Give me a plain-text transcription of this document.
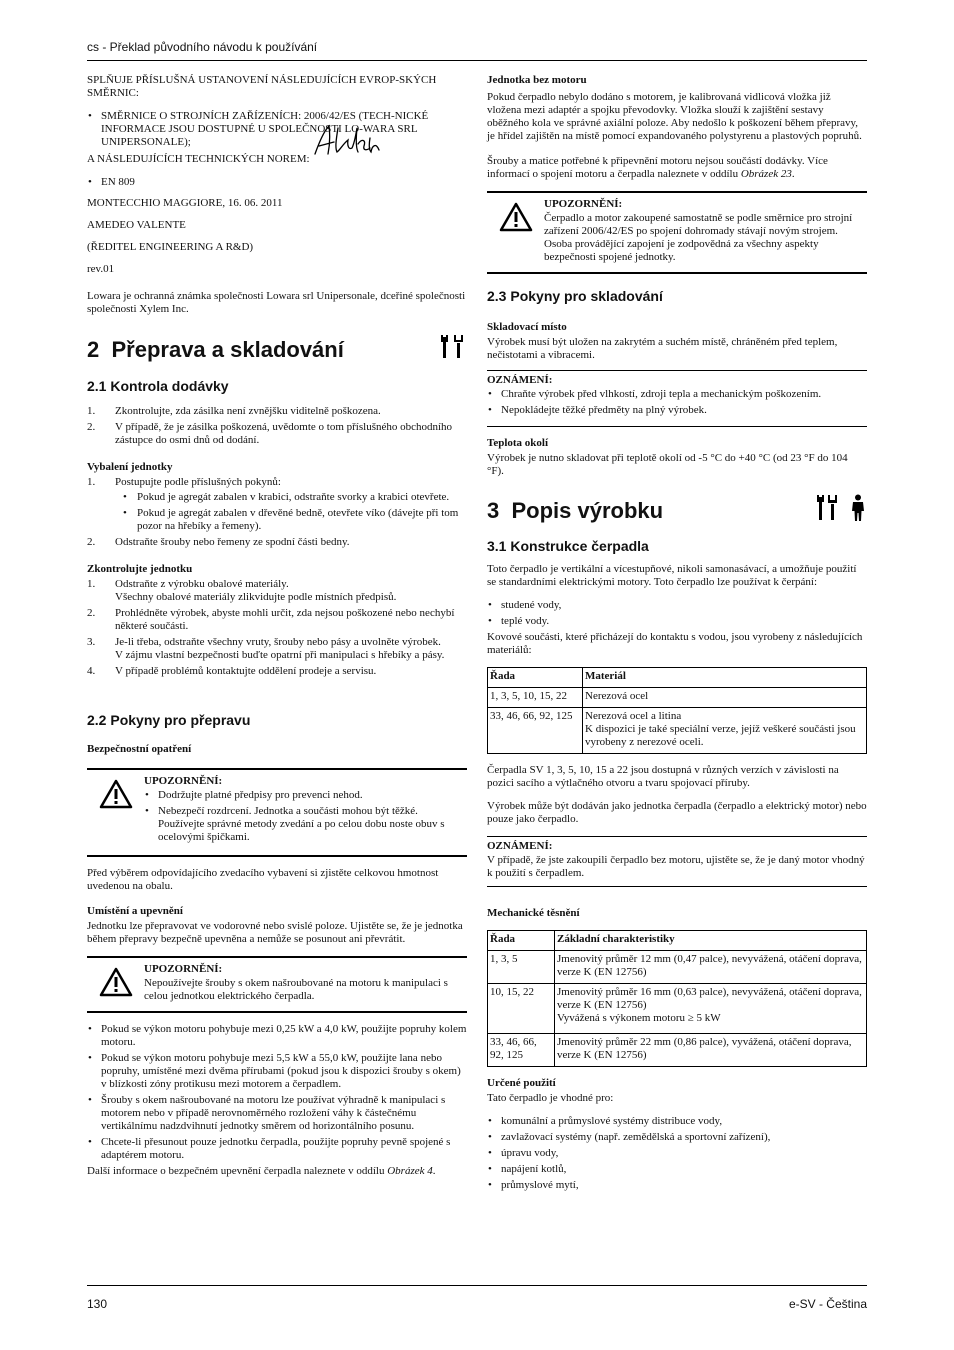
cs - Překlad původního návodu k používání

SPLŇUJE PŘÍSLUŠNÁ USTANOVENÍ NÁSLEDUJÍCÍCH EVROP-SKÝCH SMĚRNIC:

• SMĚRNICE O STROJNÍCH ZAŘÍZENÍCH: 2006/42/ES (TECH-NICKÉ INFORMACE JSOU DOSTUPNÉ U SPOLEČNOSTI LO-WARA SRL UNIPERSONALE);

A NÁSLEDUJÍCÍCH TECHNICKÝCH NOREM:

• EN 809

MONTECCHIO MAGGIORE, 16. 06. 2011

AMEDEO VALENTE

(ŘEDITEL ENGINEERING A R&D)

rev.01

Lowara je ochranná známka společnosti Lowara srl Unipersonale, dceřiné společnosti společnosti Xylem Inc.

2 Přeprava a skladování
2.1 Kontrola dodávky
1. Zkontrolujte, zda zásilka není zvnějšku viditelně poškozena.
2. V případě, že je zásilka poškozená, uvědomte o tom příslušného obchodního zástupce do osmi dnů od dodání.
Vybalení jednotky
1. Postupujte podle příslušných pokynů:
• Pokud je agregát zabalen v krabici, odstraňte svorky a krabici otevřete.
• Pokud je agregát zabalen v dřevěné bedně, otevřete víko (dávejte při tom pozor na hřebíky a řemeny).
2. Odstraňte šrouby nebo řemeny ze spodní části bedny.
Zkontrolujte jednotku
1. Odstraňte z výrobku obalové materiály.
Všechny obalové materiály zlikvidujte podle místních předpisů.
2. Prohlédněte výrobek, abyste mohli určit, zda nejsou poškozené nebo nechybí některé součásti.
3. Je-li třeba, odstraňte všechny vruty, šrouby nebo pásy a uvolněte výrobek.
V zájmu vlastní bezpečnosti buďte opatrní při manipulaci s hřebíky a pásy.
4. V případě problémů kontaktujte oddělení prodeje a servisu.
2.2 Pokyny pro přepravu
Bezpečnostní opatření
UPOZORNĚNÍ:
• Dodržujte platné předpisy pro prevenci nehod.
• Nebezpečí rozdrcení. Jednotka a součásti mohou být těžké. Používejte správné metody zvedání a po celou dobu noste obuv s ocelovými špičkami.

Před výběrem odpovídajícího zvedacího vybavení si zjistěte celkovou hmotnost uvedenou na obalu.

Umístění a upevnění

Jednotku lze přepravovat ve vodorovné nebo svislé poloze. Ujistěte se, že je jednotka během přepravy bezpečně upevněna a nemůže se posunout ani převrátit.

UPOZORNĚNÍ:
Nepoužívejte šrouby s okem našroubované na motoru k manipulaci s celou jednotkou elektrického čerpadla.
• Pokud se výkon motoru pohybuje mezi 0,25 kW a 4,0 kW, použijte popruhy kolem motoru.
• Pokud se výkon motoru pohybuje mezi 5,5 kW a 55,0 kW, použijte lana nebo popruhy, umístěné mezi dvěma přírubami (pokud jsou k dispozici šrouby s okem) v blízkosti zóny protikusu mezi motorem a čerpadlem.
• Šrouby s okem našroubované na motoru lze používat výhradně k manipulaci s motorem nebo v případě nerovnoměrného rozložení váhy k částečnému vertikálnímu nadzdvihnutí jednotky směrem od horizontálního posunu.
• Chcete-li přesunout pouze jednotku čerpadla, použijte popruhy pevně spojené s adaptérem motoru.

Další informace o bezpečném upevnění čerpadla naleznete v oddílu Obrázek 4.

Jednotka bez motoru

Pokud čerpadlo nebylo dodáno s motorem, je kalibrovaná vidlicová vložka již vložena mezi adaptér a spojku převodovky. Vložka slouží k zajištění sestavy oběžného kola ve správné axiální poloze. Aby nedošlo k poškození během přepravy, je hřídel zajištěn na místě pomocí expandovaného polystyrenu a plastových popruhů.

Šrouby a matice potřebné k připevnění motoru nejsou součástí dodávky. Více informací o spojení motoru a čerpadla naleznete v oddílu Obrázek 23.

UPOZORNĚNÍ:
Čerpadlo a motor zakoupené samostatně se podle směrnice pro strojní zařízení 2006/42/ES po spojení dohromady stávají novým strojem. Osoba provádějící zapojení je zodpovědná za všechny aspekty bezpečnosti spojené jednotky.
2.3 Pokyny pro skladování
Skladovací místo

Výrobek musí být uložen na zakrytém a suchém místě, chráněném před teplem, nečistotami a vibracemi.

OZNÁMENÍ:
• Chraňte výrobek před vlhkostí, zdroji tepla a mechanickým poškozením.
• Nepokládejte těžké předměty na plný výrobek.
Teplota okolí

Výrobek je nutno skladovat při teplotě okolí od -5 °C do +40 °C (od 23 °F do 104 °F).

3 Popis výrobku
3.1 Konstrukce čerpadla

Toto čerpadlo je vertikální a vícestupňové, nikoli samonasávací, a umožňuje použití se standardními elektrickými motory. Toto čerpadlo lze používat k čerpání:

• studené vody,
• teplé vody.

Kovové součásti, které přicházejí do kontaktu s vodou, jsou vyrobeny z následujících materiálů:

Řada	Materiál
1, 3, 5, 10, 15, 22	Nerezová ocel
33, 46, 66, 92, 125	Nerezová ocel a litina
K dispozici je také speciální verze, jejíž veškeré součásti jsou vyrobeny z nerezové oceli.

Čerpadla SV 1, 3, 5, 10, 15 a 22 jsou dostupná v různých verzích v závislosti na pozici sacího a výtlačného otvoru a tvaru spojovací příruby.

Výrobek může být dodáván jako jednotka čerpadla (čerpadlo a elektrický motor) nebo pouze jako čerpadlo.

OZNÁMENÍ:
V případě, že jste zakoupili čerpadlo bez motoru, ujistěte se, že je daný motor vhodný k použití s čerpadlem.
Mechanické těsnění
Řada	Základní charakteristiky
1, 3, 5	Jmenovitý průměr 12 mm (0,47 palce), nevyvážená, otáčení doprava, verze K (EN 12756)
10, 15, 22	Jmenovitý průměr 16 mm (0,63 palce), nevyvážená, otáčení doprava, verze K (EN 12756)
Vyvážená s výkonem motoru ≥ 5 kW
33, 46, 66, 92, 125	Jmenovitý průměr 22 mm (0,86 palce), vyvážená, otáčení doprava, verze K (EN 12756)
Určené použití

Tato čerpadlo je vhodné pro:

• komunální a průmyslové systémy distribuce vody,
• zavlažovací systémy (např. zemědělská a sportovní zařízení),
• úpravu vody,
• napájení kotlů,
• průmyslové mytí,
130	e-SV - Čeština
